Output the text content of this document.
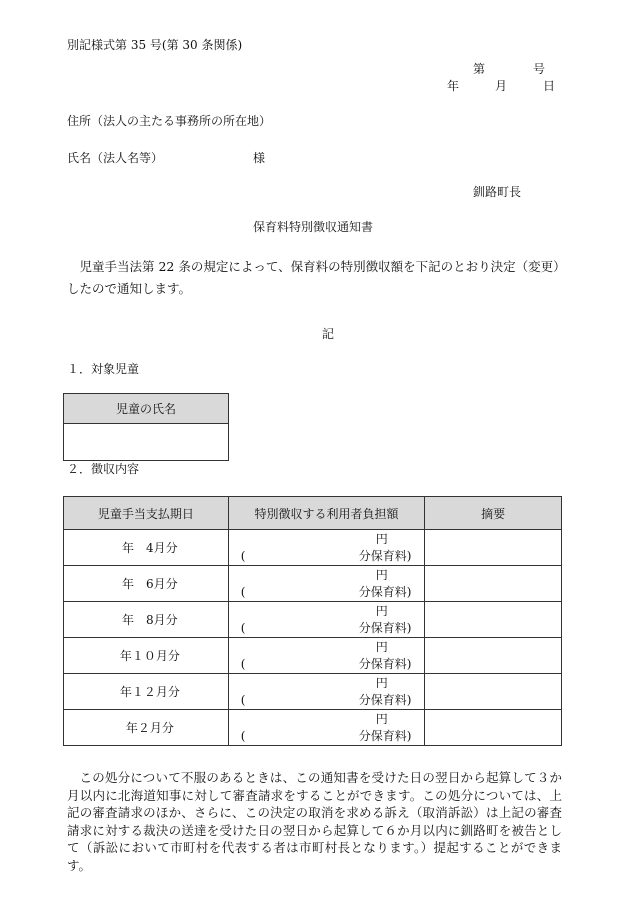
別記様式第 35 号(第 30 条関係)
第　　　　号
年　　　月　　　日
住所（法人の主たる事務所の所在地）
氏名（法人名等）	様
釧路町長
保育料特別徴収通知書
児童手当法第 22 条の規定によって、保育料の特別徴収額を下記のとおり決定（変更）したので通知します。
記
１．対象児童
児童の氏名

２．徴収内容
児童手当支払期日	特別徴収する利用者負担額	摘要
年　4月分	円
( 分保育料)	

年　6月分	円
( 分保育料)	

年　8月分	円
( 分保育料)	

年１０月分	円
( 分保育料)	

年１２月分	円
( 分保育料)	

年２月分	円
( 分保育料)	

この処分について不服のあるときは、この通知書を受けた日の翌日から起算して３か月以内に北海道知事に対して審査請求をすることができます。この処分については、上記の審査請求のほか、さらに、この決定の取消を求める訴え（取消訴訟）は上記の審査請求に対する裁決の送達を受けた日の翌日から起算して６か月以内に釧路町を被告として（訴訟において市町村を代表する者は市町村長となります。）提起することができます。
